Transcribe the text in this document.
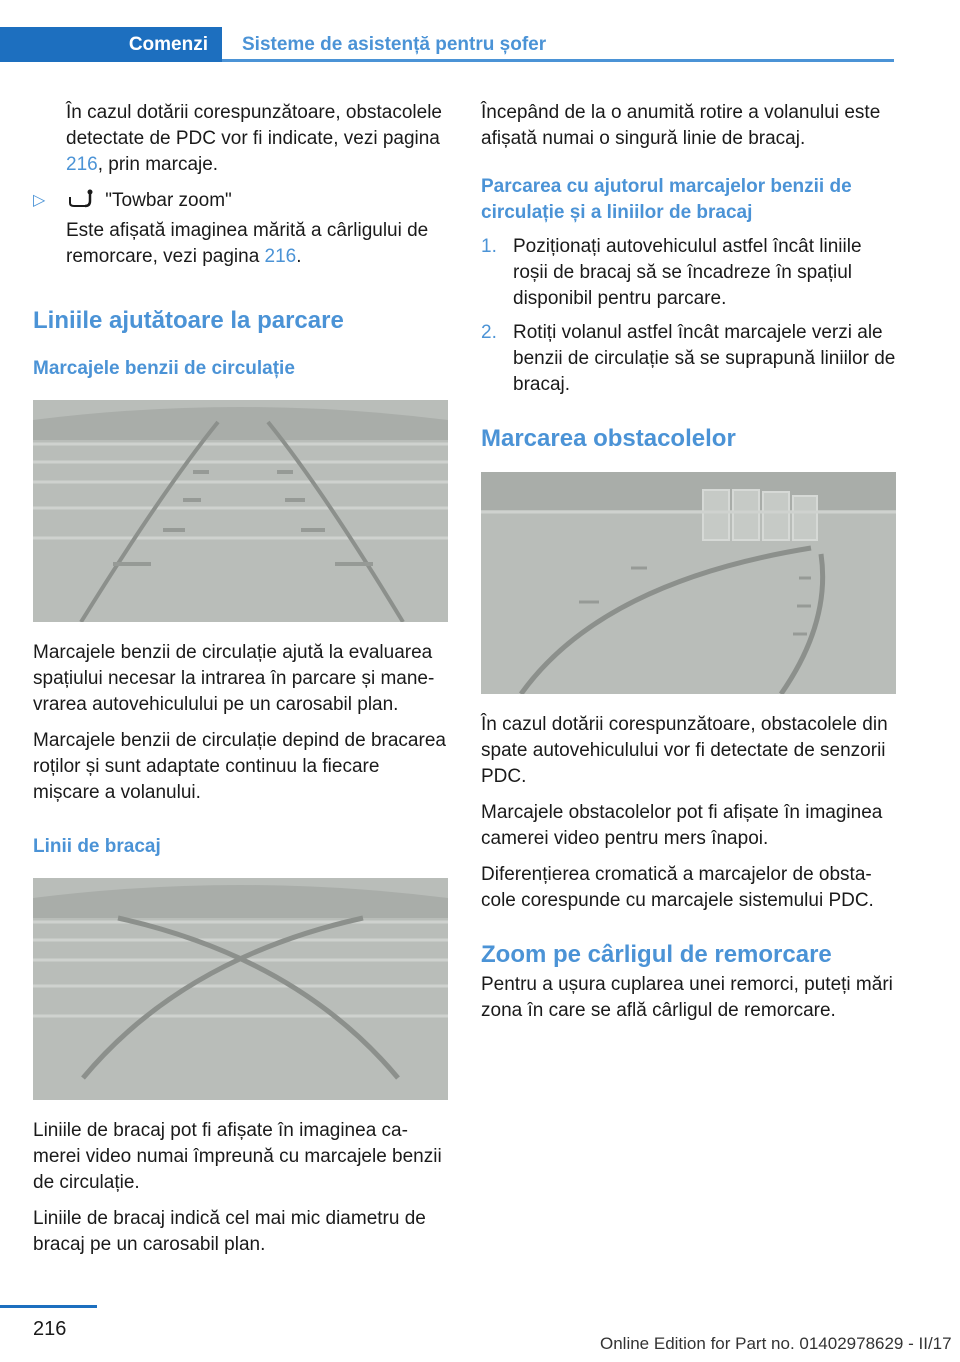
Comenzi	Sisteme de asistență pentru șofer

În cazul dotării corespunzătoare, obstacolele detectate de PDC vor fi indicate, vezi pagina 216, prin marcaje.

▷	"Towbar zoom"

Este afișată imaginea mărită a cârligului de remorcare, vezi pagina 216.

Liniile ajutătoare la parcare
Marcajele benzii de circulație

Marcajele benzii de circulație ajută la evaluarea spațiului necesar la intrarea în parcare și manevrarea autovehiculului pe un carosabil plan.

Marcajele benzii de circulație depind de bracarea roților și sunt adaptate continuu la fiecare mișcare a volanului.

Linii de bracaj

Liniile de bracaj pot fi afișate în imaginea camerei video numai împreună cu marcajele benzii de circulație.

Liniile de bracaj indică cel mai mic diametru de bracaj pe un carosabil plan.

Începând de la o anumită rotire a volanului este afișată numai o singură linie de bracaj.

Parcarea cu ajutorul marcajelor benzii de circulație și a liniilor de bracaj
1. Poziționați autovehiculul astfel încât liniile roșii de bracaj să se încadreze în spațiul disponibil pentru parcare.
2. Rotiți volanul astfel încât marcajele verzi ale benzii de circulație să se suprapună liniilor de bracaj.
Marcarea obstacolelor

În cazul dotării corespunzătoare, obstacolele din spate autovehiculului vor fi detectate de senzorii PDC.

Marcajele obstacolelor pot fi afișate în imaginea camerei video pentru mers înapoi.

Diferențierea cromatică a marcajelor de obstacole corespunde cu marcajele sistemului PDC.

Zoom pe cârligul de remorcare

Pentru a ușura cuplarea unei remorci, puteți mări zona în care se află cârligul de remorcare.

216
Online Edition for Part no. 01402978629 - II/17
